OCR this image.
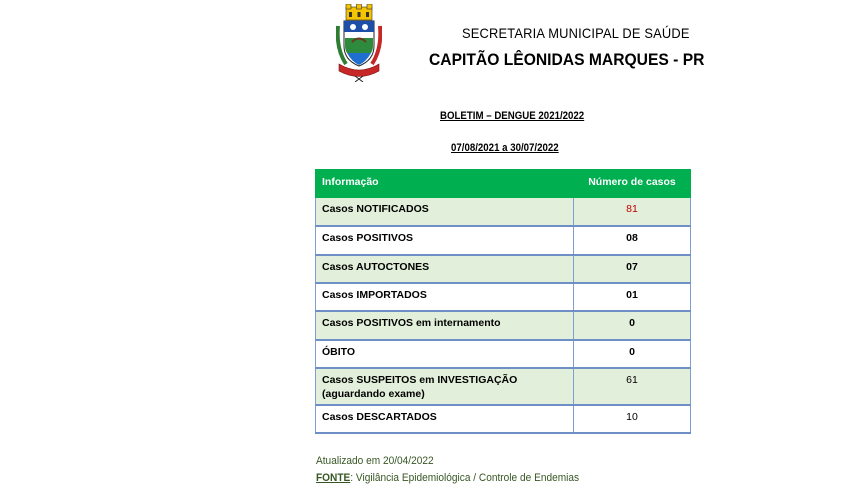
SECRETARIA MUNICIPAL DE SAÚDE
CAPITÃO LÊONIDAS MARQUES - PR
BOLETIM – DENGUE 2021/2022
07/08/2021 a 30/07/2022
Informação	Número de casos
Casos NOTIFICADOS	81
Casos POSITIVOS	08
Casos AUTOCTONES	07
Casos IMPORTADOS	01
Casos POSITIVOS em internamento	0
ÓBITO	0

Casos SUSPEITOS em INVESTIGAÇÃO
(aguardando exame)	61
Casos DESCARTADOS	10
Atualizado em 20/04/2022
FONTE: Vigilância Epidemiológica / Controle de Endemias
